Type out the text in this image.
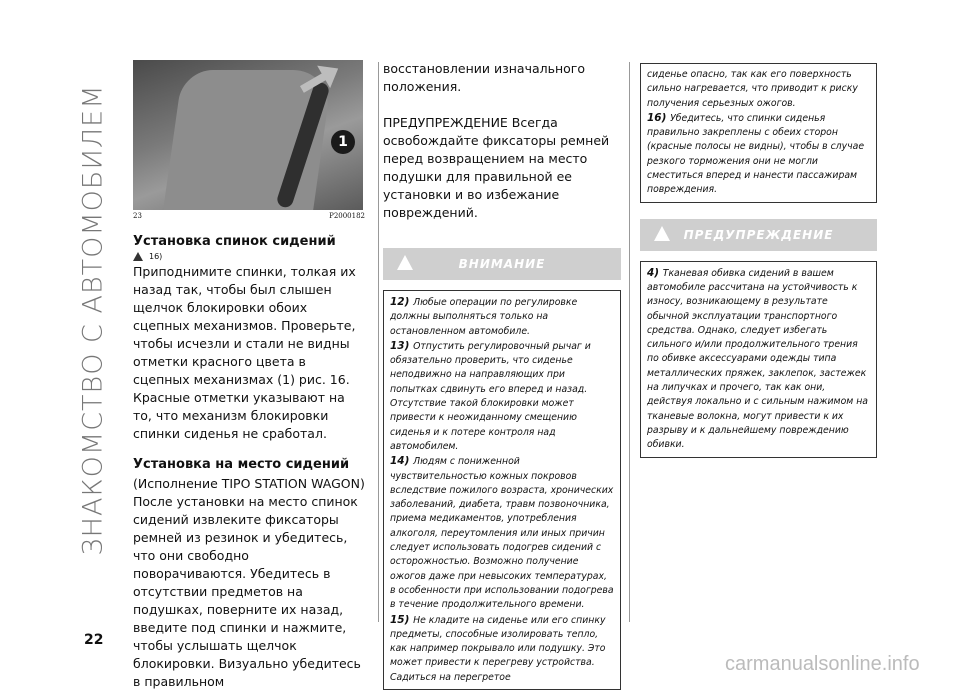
ЗНАКОМСТВО С АВТОМОБИЛЕМ	1
23	P2000182
Установка спинок сидений
16)

Приподнимите спинки, толкая их назад так, чтобы был слышен щелчок блокировки обоих сцепных механизмов. Проверьте, чтобы исчезли и стали не видны отметки красного цвета в сцепных механизмах (1) рис. 16. Красные отметки указывают на то, что механизм блокировки спинки сиденья не сработал.

Установка на место сидений

(Исполнение TIPO STATION WAGON)

После установки на место спинок сидений извлеките фиксаторы ремней из резинок и убедитесь, что они свободно поворачиваются. Убедитесь в отсутствии предметов на подушках, поверните их назад, введите под спинки и нажмите, чтобы услышать щелчок блокировки. Визуально убедитесь в правильном

восстановлении изначального положения.

ПРЕДУПРЕЖДЕНИЕ Всегда освобождайте фиксаторы ремней перед возвращением на место подушки для правильной ее установки и во избежание повреждений.

ВНИМАНИЕ
12) Любые операции по регулировке должны выполняться только на остановленном автомобиле.
13) Отпустить регулировочный рычаг и обязательно проверить, что сиденье неподвижно на направляющих при попытках сдвинуть его вперед и назад. Отсутствие такой блокировки может привести к неожиданному смещению сиденья и к потере контроля над автомобилем.
14) Людям с пониженной чувствительностью кожных покровов вследствие пожилого возраста, хронических заболеваний, диабета, травм позвоночника, приема медикаментов, употребления алкоголя, переутомления или иных причин следует использовать подогрев сидений с осторожностью. Возможно получение ожогов даже при невысоких температурах, в особенности при использовании подогрева в течение продолжительного времени.
15) Не кладите на сиденье или его спинку предметы, способные изолировать тепло, как например покрывало или подушку. Это может привести к перегреву устройства. Садиться на перегретое
сиденье опасно, так как его поверхность сильно нагревается, что приводит к риску получения серьезных ожогов.
16) Убедитесь, что спинки сиденья правильно закреплены с обеих сторон (красные полосы не видны), чтобы в случае резкого торможения они не могли сместиться вперед и нанести пассажирам повреждения.
ПРЕДУПРЕЖДЕНИЕ
4) Тканевая обивка сидений в вашем автомобиле рассчитана на устойчивость к износу, возникающему в результате обычной эксплуатации транспортного средства. Однако, следует избегать сильного и/или продолжительного трения по обивке аксессуарами одежды типа металлических пряжек, заклепок, застежек на липучках и прочего, так как они, действуя локально и с сильным нажимом на тканевые волокна, могут привести к их разрыву и к дальнейшему повреждению обивки.
22
carmanualsonline.info
